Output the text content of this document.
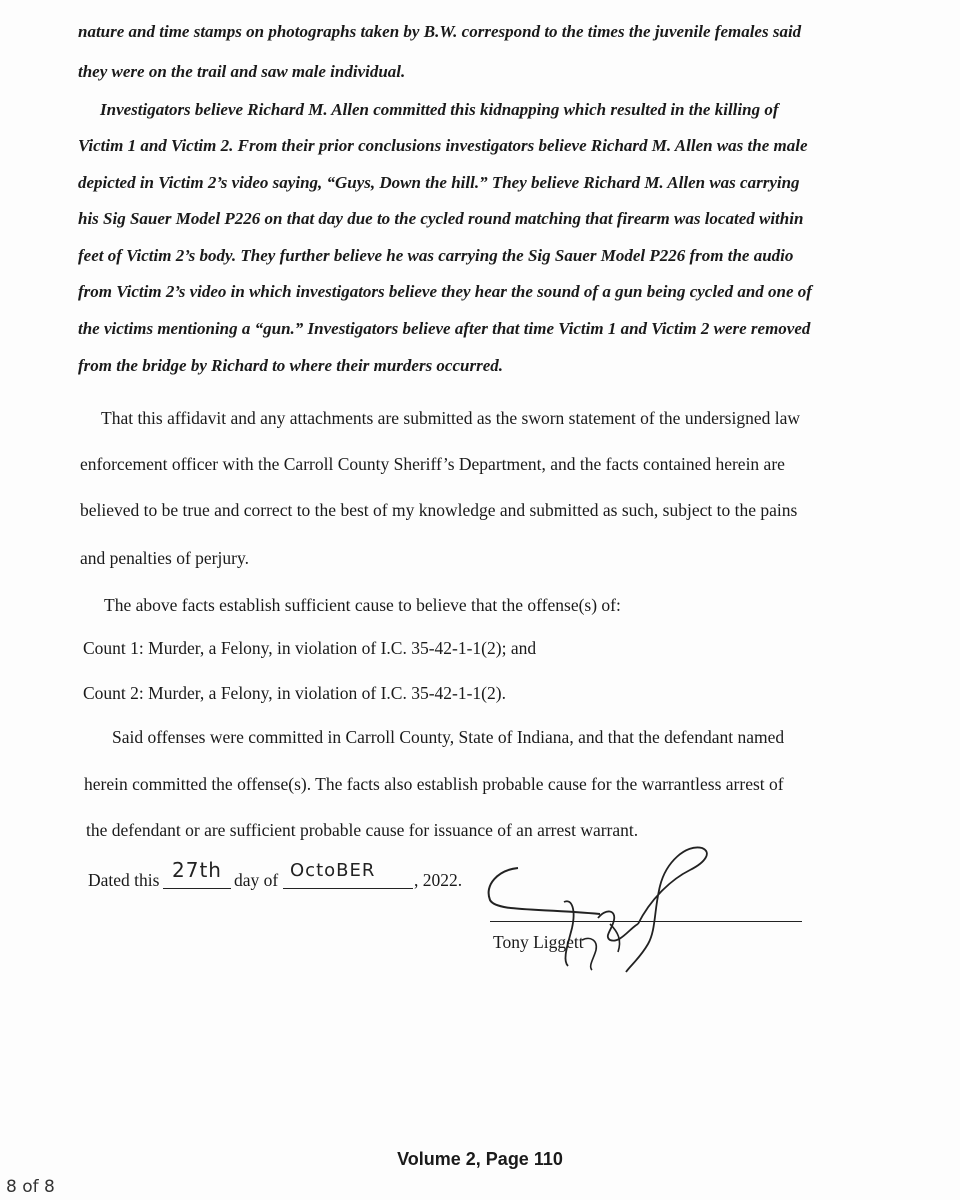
nature and time stamps on photographs taken by B.W. correspond to the times the juvenile females said
they were on the trail and saw male individual.
Investigators believe Richard M. Allen committed this kidnapping which resulted in the killing of
Victim 1 and Victim 2. From their prior conclusions investigators believe Richard M. Allen was the male
depicted in Victim 2’s video saying, “Guys, Down the hill.” They believe Richard M. Allen was carrying
his Sig Sauer Model P226 on that day due to the cycled round matching that firearm was located within
feet of Victim 2’s body. They further believe he was carrying the Sig Sauer Model P226 from the audio
from Victim 2’s video in which investigators believe they hear the sound of a gun being cycled and one of
the victims mentioning a “gun.” Investigators believe after that time Victim 1 and Victim 2 were removed
from the bridge by Richard to where their murders occurred.
That this affidavit and any attachments are submitted as the sworn statement of the undersigned law
enforcement officer with the Carroll County Sheriff’s Department, and the facts contained herein are
believed to be true and correct to the best of my knowledge and submitted as such, subject to the pains
and penalties of perjury.
The above facts establish sufficient cause to believe that the offense(s) of:
Count 1: Murder, a Felony, in violation of I.C. 35-42-1-1(2); and
Count 2: Murder, a Felony, in violation of I.C. 35-42-1-1(2).
Said offenses were committed in Carroll County, State of Indiana, and that the defendant named
herein committed the offense(s). The facts also establish probable cause for the warrantless arrest of
the defendant or are sufficient probable cause for issuance of an arrest warrant.
Dated this 27th day of OctoBER , 2022.
Tony Liggett
Volume 2, Page 110
8 of 8
